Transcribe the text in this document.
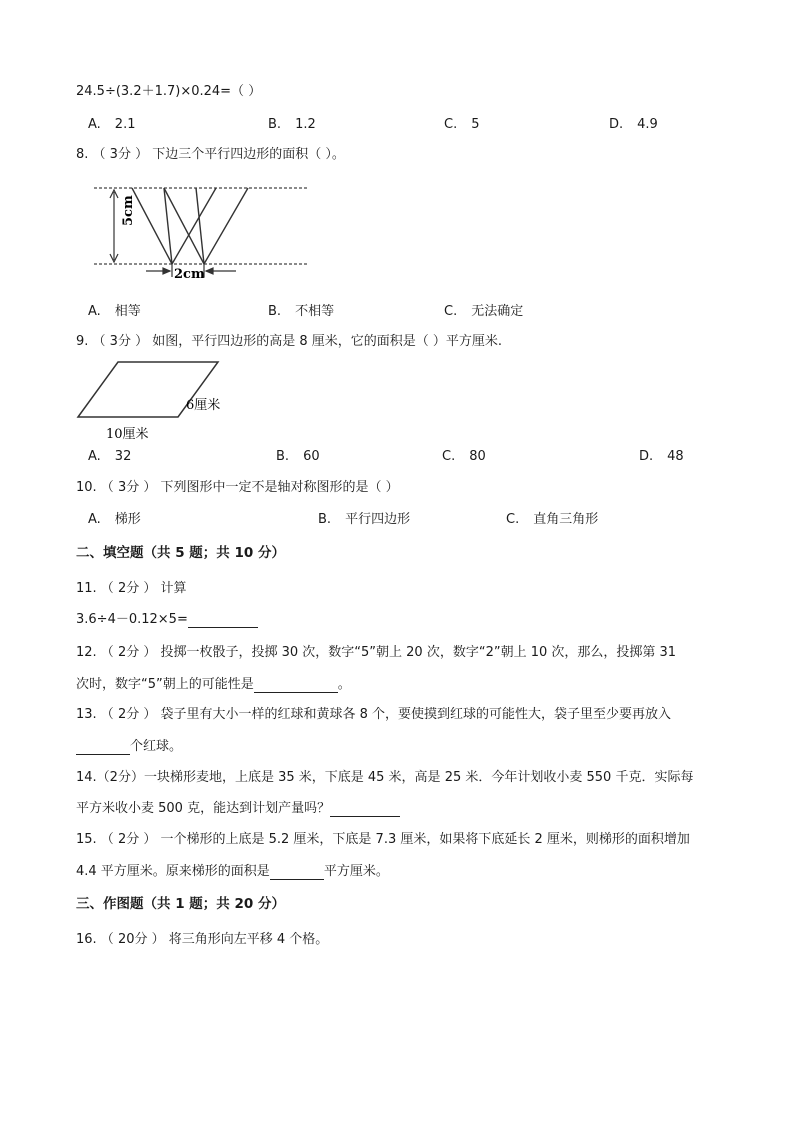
24.5÷(3.2＋1.7)×0.24=（ ）
A. 2.1	B. 1.2	C. 5	D. 4.9
8. （ 3分 ） 下边三个平行四边形的面积（ ）。
5cm
2cm
A. 相等	B. 不相等	C. 无法确定
9. （ 3分 ） 如图，平行四边形的高是 8 厘米，它的面积是（ ）平方厘米.
6厘米
10厘米
A. 32	B. 60	C. 80	D. 48
10. （ 3分 ） 下列图形中一定不是轴对称图形的是（ ）
A. 梯形	B. 平行四边形	C. 直角三角形
二、填空题（共 5 题；共 10 分）
11. （ 2分 ） 计算
3.6÷4－0.12×5=
12. （ 2分 ） 投掷一枚骰子，投掷 30 次，数字“5”朝上 20 次，数字“2”朝上 10 次，那么，投掷第 31
次时，数字“5”朝上的可能性是	。
13. （ 2分 ） 袋子里有大小一样的红球和黄球各 8 个，要使摸到红球的可能性大，袋子里至少要再放入
个红球。
14.（2分）一块梯形麦地，上底是 35 米，下底是 45 米，高是 25 米．今年计划收小麦 550 千克．实际每
平方米收小麦 500 克，能达到计划产量吗？
15. （ 2分 ） 一个梯形的上底是 5.2 厘米，下底是 7.3 厘米，如果将下底延长 2 厘米，则梯形的面积增加
4.4 平方厘米。原来梯形的面积是	平方厘米。
三、作图题（共 1 题；共 20 分）
16. （ 20分 ） 将三角形向左平移 4 个格。
